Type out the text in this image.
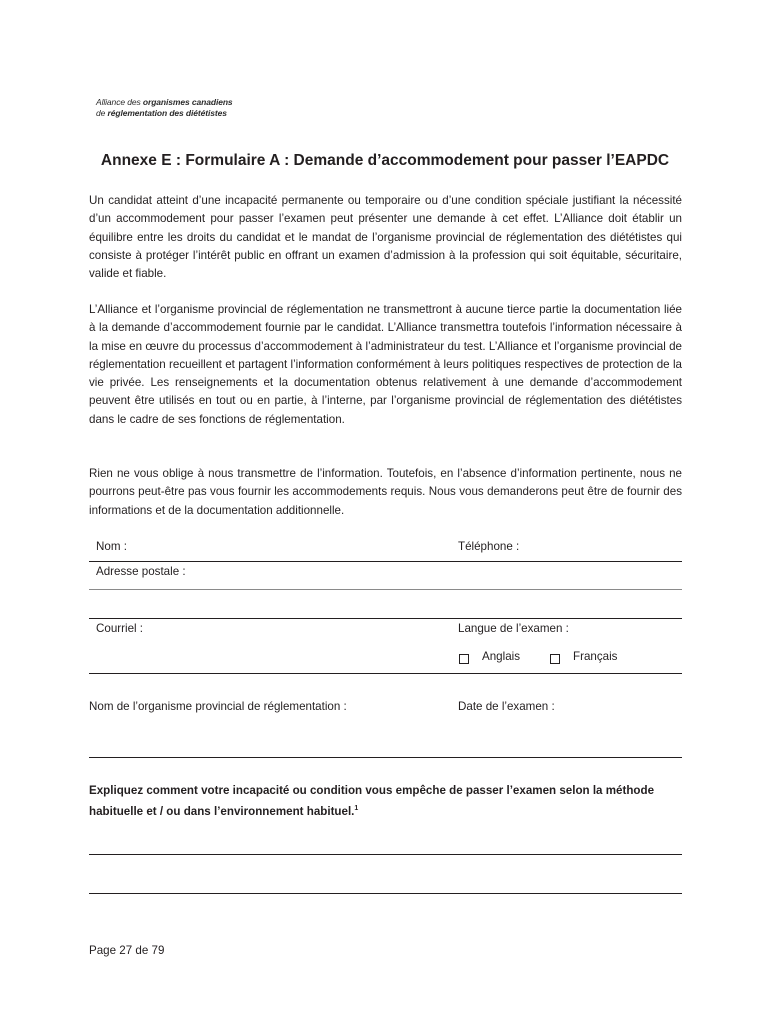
Alliance des organismes canadiens
de réglementation des diététistes
Annexe E : Formulaire A : Demande d’accommodement pour passer l’EAPDC
Un candidat atteint d’une incapacité permanente ou temporaire ou d’une condition spéciale justifiant la nécessité d’un accommodement pour passer l’examen peut présenter une demande à cet effet. L’Alliance doit établir un équilibre entre les droits du candidat et le mandat de l’organisme provincial de réglementation des diététistes qui consiste à protéger l’intérêt public en offrant un examen d’admission à la profession qui soit équitable, sécuritaire, valide et fiable.
L’Alliance et l’organisme provincial de réglementation ne transmettront à aucune tierce partie la documentation liée à la demande d’accommodement fournie par le candidat. L’Alliance transmettra toutefois l’information nécessaire à la mise en œuvre du processus d’accommodement à l’administrateur du test. L’Alliance et l’organisme provincial de réglementation recueillent et partagent l’information conformément à leurs politiques respectives de protection de la vie privée. Les renseignements et la documentation obtenus relativement à une demande d’accommodement peuvent être utilisés en tout ou en partie, à l’interne, par l’organisme provincial de réglementation des diététistes dans le cadre de ses fonctions de réglementation.
Rien ne vous oblige à nous transmettre de l’information. Toutefois, en l’absence d’information pertinente, nous ne pourrons peut-être pas vous fournir les accommodements requis. Nous vous demanderons peut être de fournir des informations et de la documentation additionnelle.
Nom :	Téléphone :
Adresse postale :
Courriel :	Langue de l’examen :
Anglais	Français
Nom de l’organisme provincial de réglementation :	Date de l’examen :
Expliquez comment votre incapacité ou condition vous empêche de passer l’examen selon la méthode habituelle et / ou dans l’environnement habituel.$^1$
Page 27 de 79
